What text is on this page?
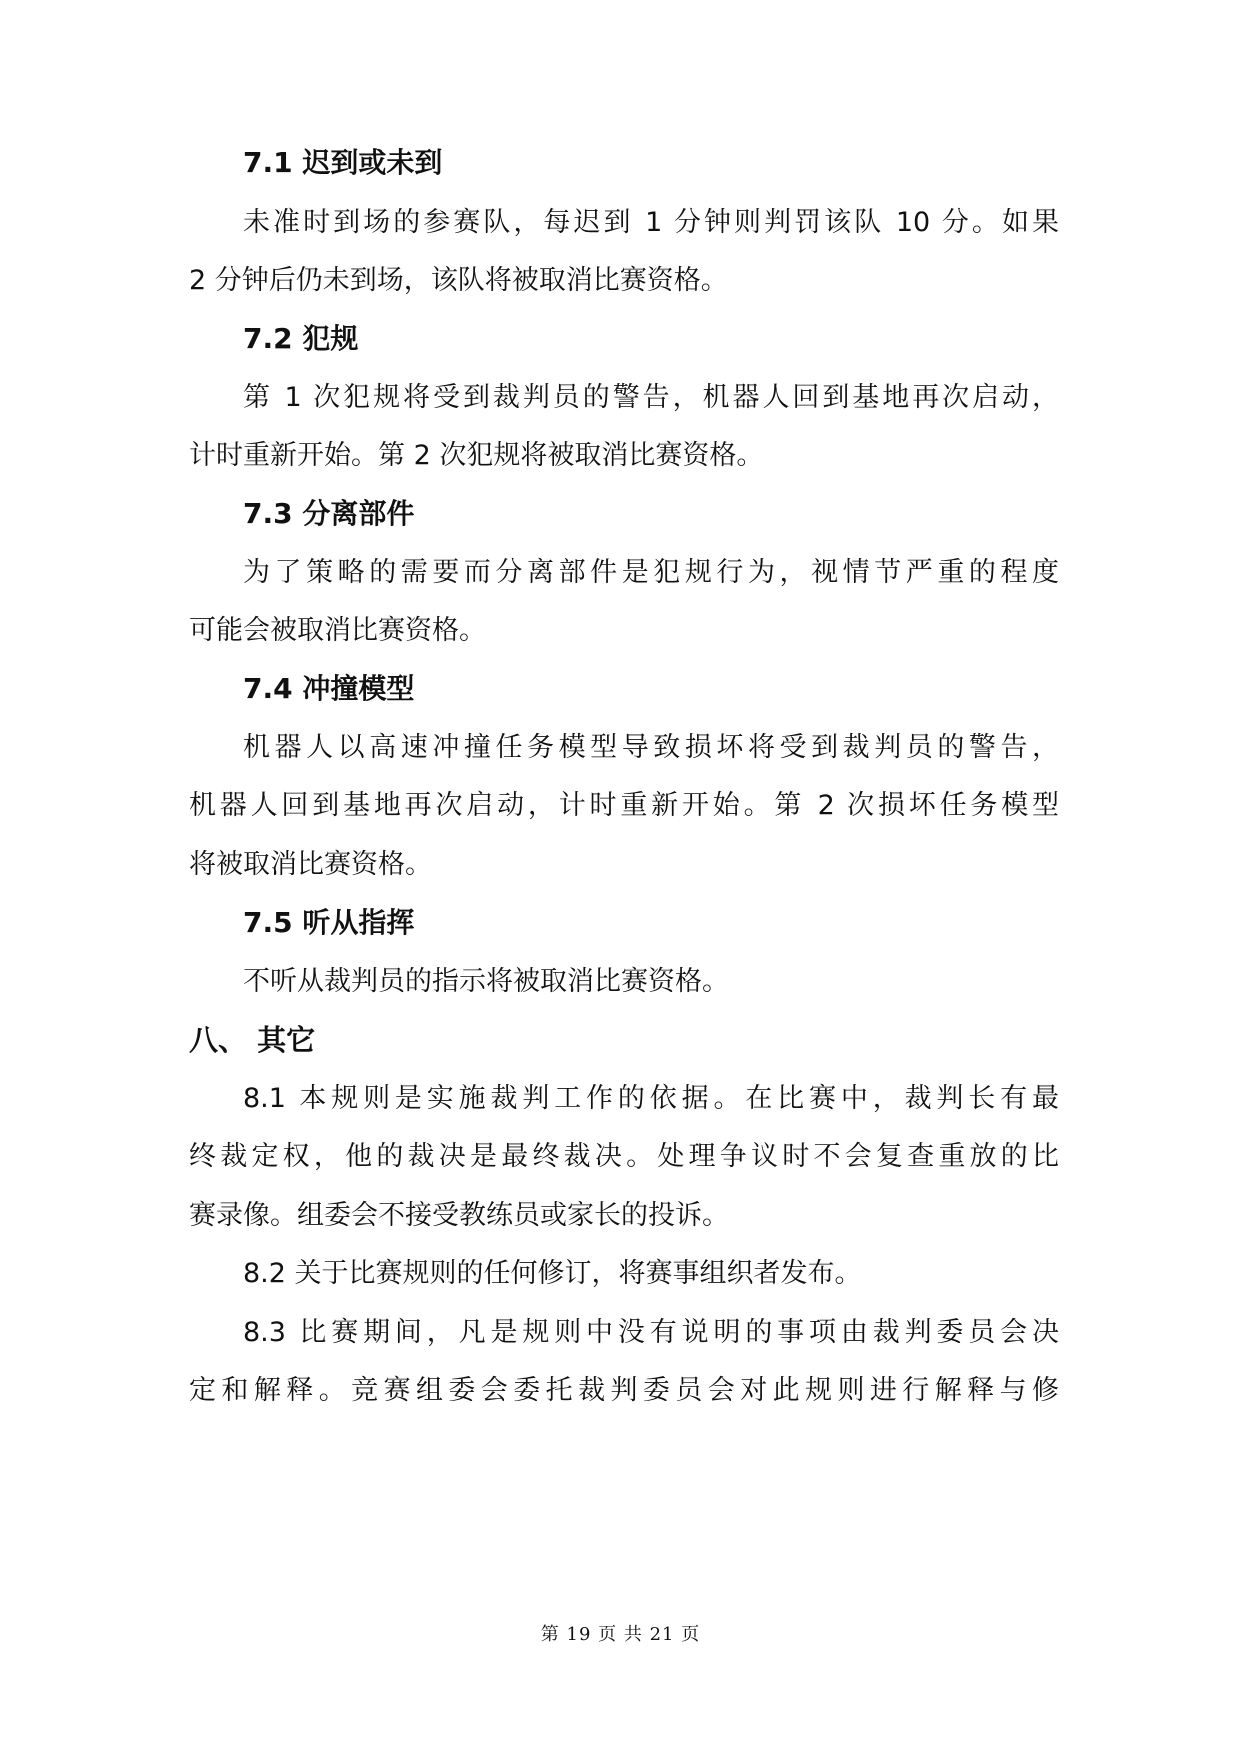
7.1 迟到或未到
未准时到场的参赛队，每迟到 1 分钟则判罚该队 10 分。如果
2 分钟后仍未到场，该队将被取消比赛资格。
7.2 犯规
第 1 次犯规将受到裁判员的警告，机器人回到基地再次启动，
计时重新开始。第 2 次犯规将被取消比赛资格。
7.3 分离部件
为了策略的需要而分离部件是犯规行为，视情节严重的程度
可能会被取消比赛资格。
7.4 冲撞模型
机器人以高速冲撞任务模型导致损坏将受到裁判员的警告，
机器人回到基地再次启动，计时重新开始。第 2 次损坏任务模型
将被取消比赛资格。
7.5 听从指挥
不听从裁判员的指示将被取消比赛资格。
八、 其它
8.1 本规则是实施裁判工作的依据。在比赛中，裁判长有最
终裁定权，他的裁决是最终裁决。处理争议时不会复查重放的比
赛录像。组委会不接受教练员或家长的投诉。
8.2 关于比赛规则的任何修订，将赛事组织者发布。
8.3 比赛期间，凡是规则中没有说明的事项由裁判委员会决
定和解释。竞赛组委会委托裁判委员会对此规则进行解释与修
第 19 页 共 21 页
